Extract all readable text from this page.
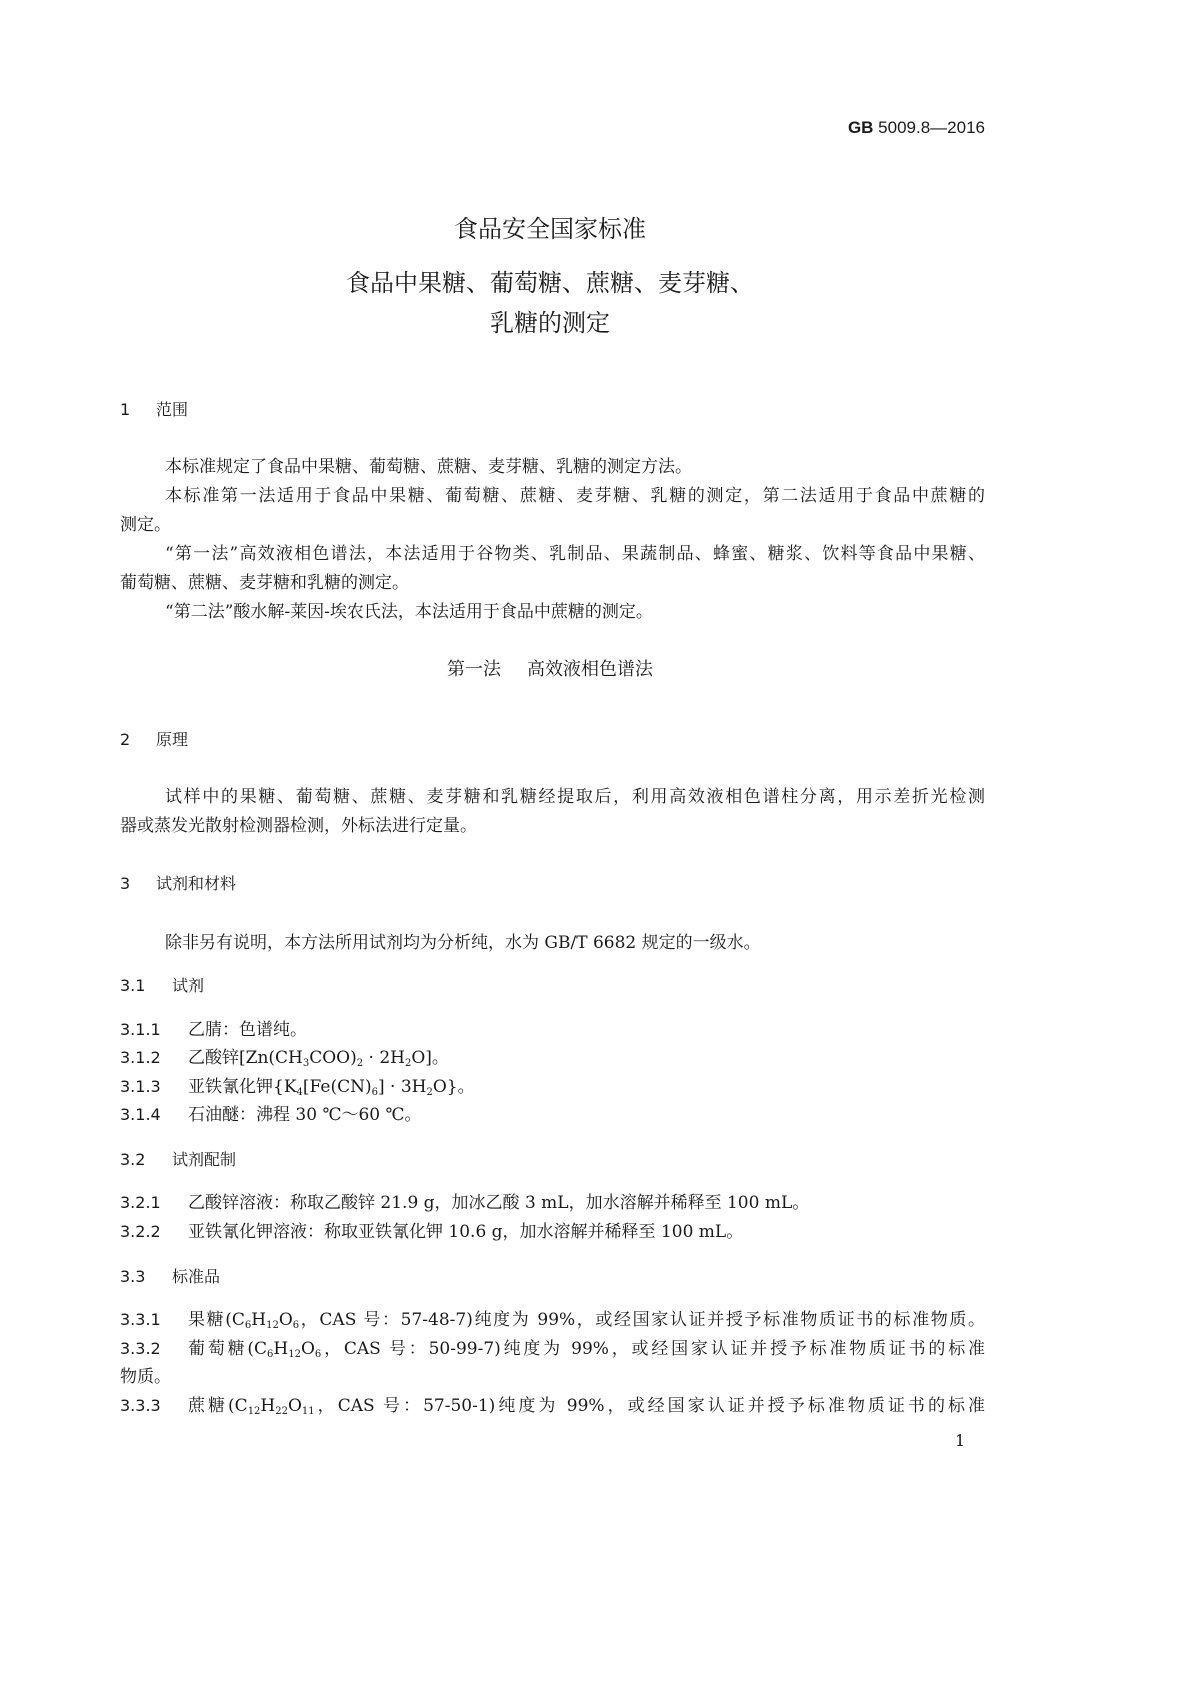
GB 5009.8—2016
食品安全国家标准
食品中果糖、葡萄糖、蔗糖、麦芽糖、
乳糖的测定
1 范围
本标准规定了食品中果糖、葡萄糖、蔗糖、麦芽糖、乳糖的测定方法。
本标准第一法适用于食品中果糖、葡萄糖、蔗糖、麦芽糖、乳糖的测定，第二法适用于食品中蔗糖的
测定。
“第一法”高效液相色谱法，本法适用于谷物类、乳制品、果蔬制品、蜂蜜、糖浆、饮料等食品中果糖、
葡萄糖、蔗糖、麦芽糖和乳糖的测定。
“第二法”酸水解-莱因-埃农氏法，本法适用于食品中蔗糖的测定。
第一法 高效液相色谱法
2 原理
试样中的果糖、葡萄糖、蔗糖、麦芽糖和乳糖经提取后，利用高效液相色谱柱分离，用示差折光检测
器或蒸发光散射检测器检测，外标法进行定量。
3 试剂和材料
除非另有说明，本方法所用试剂均为分析纯，水为 GB/T 6682 规定的一级水。
3.1 试剂
3.1.1 乙腈：色谱纯。
3.1.2 乙酸锌$[Zn(CH_3COO)_2 \cdot 2H_2O]$。
3.1.3 亚铁氰化钾$\{K_4[Fe(CN)_6] \cdot 3H_2O\}$。
3.1.4 石油醚：沸程 30 ℃～60 ℃。
3.2 试剂配制
3.2.1 乙酸锌溶液：称取乙酸锌 21.9 g，加冰乙酸 3 mL，加水溶解并稀释至 100 mL。
3.2.2 亚铁氰化钾溶液：称取亚铁氰化钾 10.6 g，加水溶解并稀释至 100 mL。
3.3 标准品
3.3.1 果糖($C_6H_{12}O_6$，CAS 号：57-48-7)纯度为 99%，或经国家认证并授予标准物质证书的标准物质。
3.3.2 葡萄糖($C_6H_{12}O_6$，CAS 号：50-99-7)纯度为 99%，或经国家认证并授予标准物质证书的标准
物质。
3.3.3 蔗糖($C_{12}H_{22}O_{11}$，CAS 号：57-50-1)纯度为 99%，或经国家认证并授予标准物质证书的标准
1
